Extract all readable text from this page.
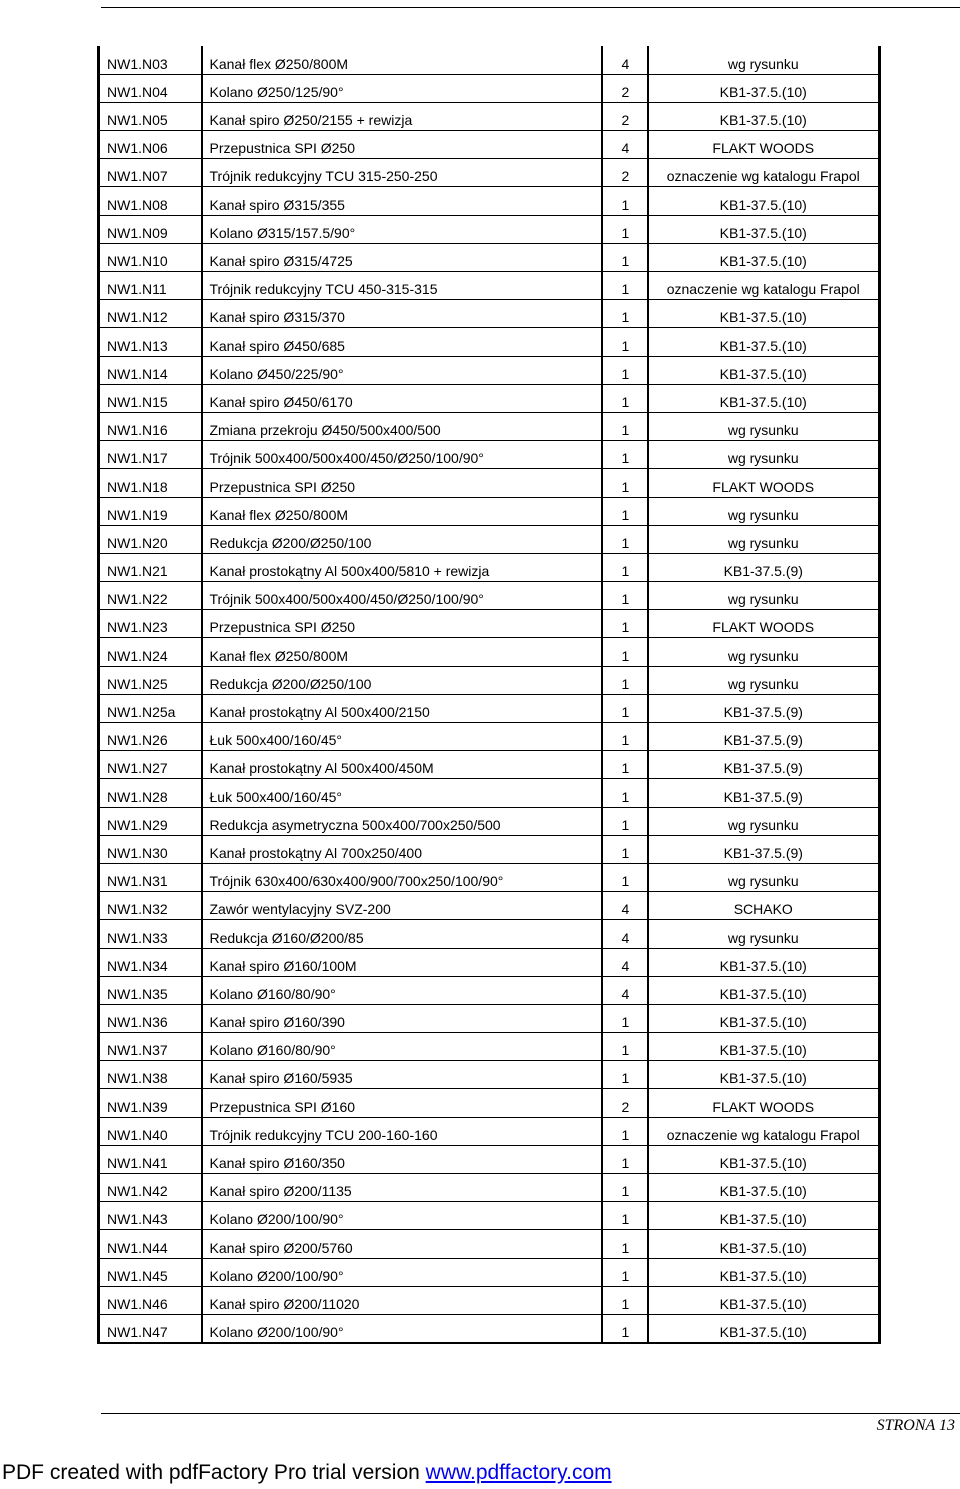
NW1.N03	Kanał flex Ø250/800M	4	wg rysunku
NW1.N04	Kolano Ø250/125/90°	2	KB1-37.5.(10)
NW1.N05	Kanał spiro Ø250/2155 + rewizja	2	KB1-37.5.(10)
NW1.N06	Przepustnica SPI Ø250	4	FLAKT WOODS
NW1.N07	Trójnik redukcyjny TCU 315-250-250	2	oznaczenie wg katalogu Frapol
NW1.N08	Kanał spiro Ø315/355	1	KB1-37.5.(10)
NW1.N09	Kolano Ø315/157.5/90°	1	KB1-37.5.(10)
NW1.N10	Kanał spiro Ø315/4725	1	KB1-37.5.(10)
NW1.N11	Trójnik redukcyjny TCU 450-315-315	1	oznaczenie wg katalogu Frapol
NW1.N12	Kanał spiro Ø315/370	1	KB1-37.5.(10)
NW1.N13	Kanał spiro Ø450/685	1	KB1-37.5.(10)
NW1.N14	Kolano Ø450/225/90°	1	KB1-37.5.(10)
NW1.N15	Kanał spiro Ø450/6170	1	KB1-37.5.(10)
NW1.N16	Zmiana przekroju Ø450/500x400/500	1	wg rysunku
NW1.N17	Trójnik 500x400/500x400/450/Ø250/100/90°	1	wg rysunku
NW1.N18	Przepustnica SPI Ø250	1	FLAKT WOODS
NW1.N19	Kanał flex Ø250/800M	1	wg rysunku
NW1.N20	Redukcja Ø200/Ø250/100	1	wg rysunku
NW1.N21	Kanał prostokątny Al 500x400/5810 + rewizja	1	KB1-37.5.(9)
NW1.N22	Trójnik 500x400/500x400/450/Ø250/100/90°	1	wg rysunku
NW1.N23	Przepustnica SPI Ø250	1	FLAKT WOODS
NW1.N24	Kanał flex Ø250/800M	1	wg rysunku
NW1.N25	Redukcja Ø200/Ø250/100	1	wg rysunku
NW1.N25a	Kanał prostokątny Al 500x400/2150	1	KB1-37.5.(9)
NW1.N26	Łuk 500x400/160/45°	1	KB1-37.5.(9)
NW1.N27	Kanał prostokątny Al 500x400/450M	1	KB1-37.5.(9)
NW1.N28	Łuk 500x400/160/45°	1	KB1-37.5.(9)
NW1.N29	Redukcja asymetryczna 500x400/700x250/500	1	wg rysunku
NW1.N30	Kanał prostokątny Al 700x250/400	1	KB1-37.5.(9)
NW1.N31	Trójnik 630x400/630x400/900/700x250/100/90°	1	wg rysunku
NW1.N32	Zawór wentylacyjny SVZ-200	4	SCHAKO
NW1.N33	Redukcja Ø160/Ø200/85	4	wg rysunku
NW1.N34	Kanał spiro Ø160/100M	4	KB1-37.5.(10)
NW1.N35	Kolano Ø160/80/90°	4	KB1-37.5.(10)
NW1.N36	Kanał spiro Ø160/390	1	KB1-37.5.(10)
NW1.N37	Kolano Ø160/80/90°	1	KB1-37.5.(10)
NW1.N38	Kanał spiro Ø160/5935	1	KB1-37.5.(10)
NW1.N39	Przepustnica SPI Ø160	2	FLAKT WOODS
NW1.N40	Trójnik redukcyjny TCU 200-160-160	1	oznaczenie wg katalogu Frapol
NW1.N41	Kanał spiro Ø160/350	1	KB1-37.5.(10)
NW1.N42	Kanał spiro Ø200/1135	1	KB1-37.5.(10)
NW1.N43	Kolano Ø200/100/90°	1	KB1-37.5.(10)
NW1.N44	Kanał spiro Ø200/5760	1	KB1-37.5.(10)
NW1.N45	Kolano Ø200/100/90°	1	KB1-37.5.(10)
NW1.N46	Kanał spiro Ø200/11020	1	KB1-37.5.(10)
NW1.N47	Kolano Ø200/100/90°	1	KB1-37.5.(10)
STRONA 13
PDF created with pdfFactory Pro trial version www.pdffactory.com
